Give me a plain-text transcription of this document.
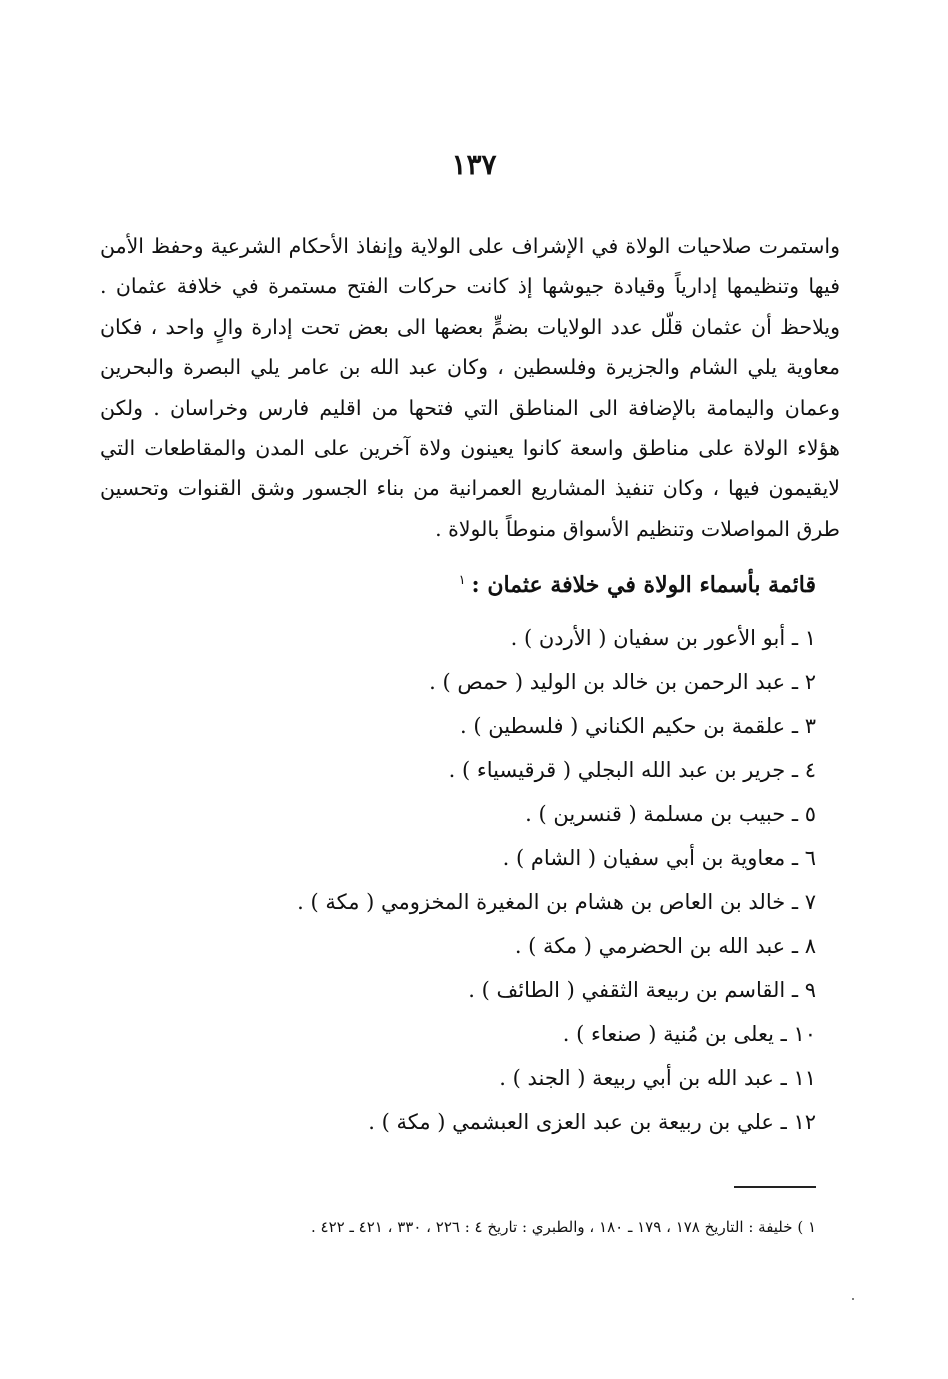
١٣٧

واستمرت صلاحيات الولاة في الإشراف على الولاية وإنفاذ الأحكام الشرعية وحفظ الأمن فيها وتنظيمها إدارياً وقيادة جيوشها إذ كانت حركات الفتح مستمرة في خلافة عثمان . ويلاحظ أن عثمان قلّل عدد الولايات بضمٍّ بعضها الى بعض تحت إدارة والٍ واحد ، فكان معاوية يلي الشام والجزيرة وفلسطين ، وكان عبد الله بن عامر يلي البصرة والبحرين وعمان واليمامة بالإضافة الى المناطق التي فتحها من اقليم فارس وخراسان . ولكن هؤلاء الولاة على مناطق واسعة كانوا يعينون ولاة آخرين على المدن والمقاطعات التي لايقيمون فيها ، وكان تنفيذ المشاريع العمرانية من بناء الجسور وشق القنوات وتحسين طرق المواصلات وتنظيم الأسواق منوطاً بالولاة .

قائمة بأسماء الولاة في خلافة عثمان :$^١$
١ ـ أبو الأعور بن سفيان ( الأردن ) .
٢ ـ عبد الرحمن بن خالد بن الوليد ( حمص ) .
٣ ـ علقمة بن حكيم الكناني ( فلسطين ) .
٤ ـ جرير بن عبد الله البجلي ( قرقيسياء ) .
٥ ـ حبيب بن مسلمة ( قنسرين ) .
٦ ـ معاوية بن أبي سفيان ( الشام ) .
٧ ـ خالد بن العاص بن هشام بن المغيرة المخزومي ( مكة ) .
٨ ـ عبد الله بن الحضرمي ( مكة ) .
٩ ـ القاسم بن ربيعة الثقفي ( الطائف ) .
١٠ ـ يعلى بن مُنية ( صنعاء ) .
١١ ـ عبد الله بن أبي ربيعة ( الجند ) .
١٢ ـ علي بن ربيعة بن عبد العزى العبشمي ( مكة ) .
١ ) خليفة : التاريخ ١٧٨ ، ١٧٩ ـ ١٨٠ ، والطبري : تاريخ ٤ : ٢٢٦ ، ٣٣٠ ، ٤٢١ ـ ٤٢٢ .
